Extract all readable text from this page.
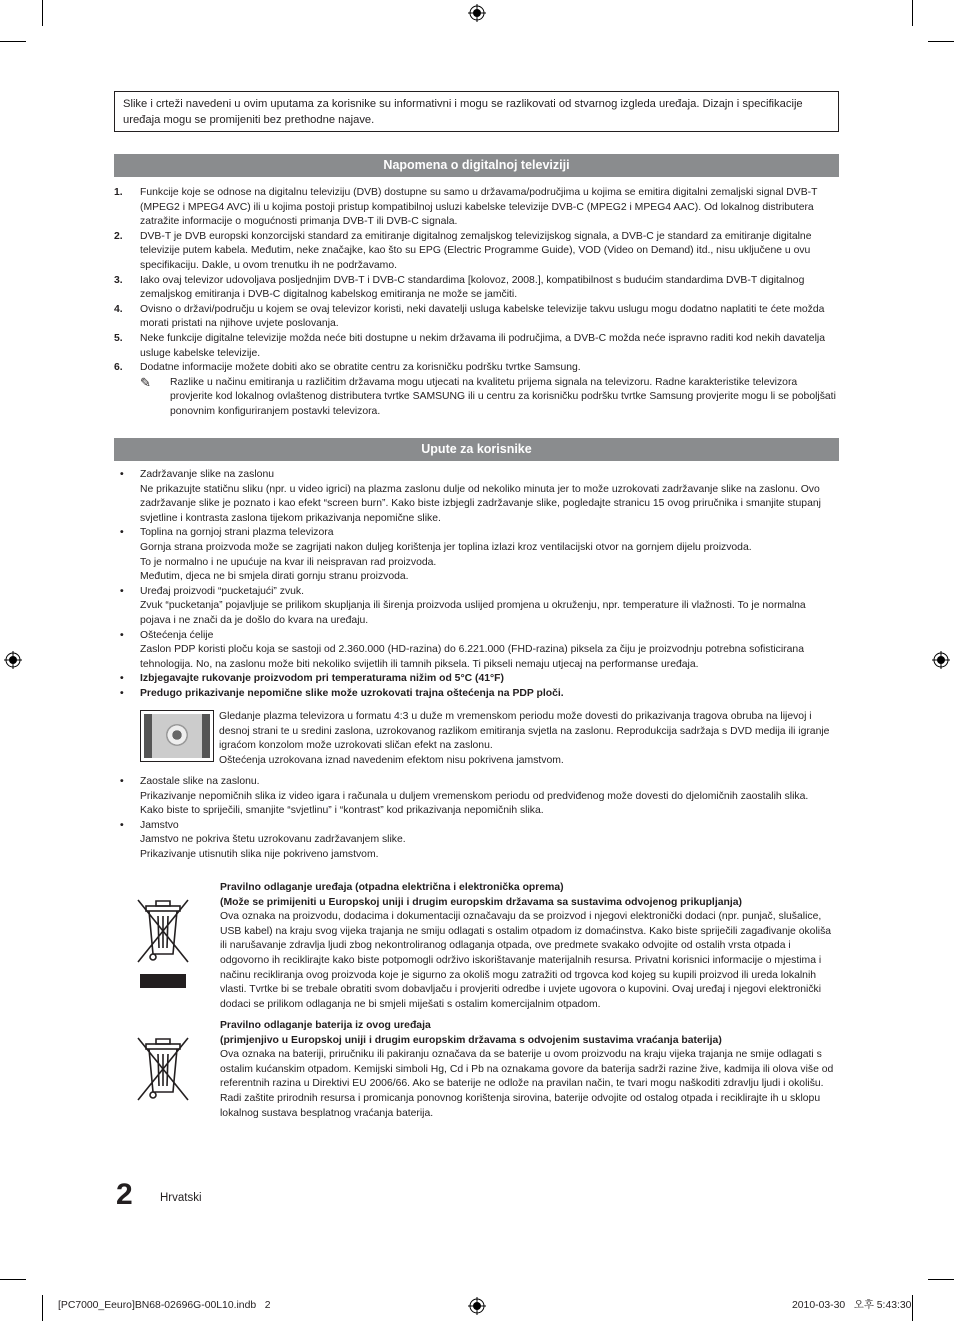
Slike i crteži navedeni u ovim uputama za korisnike su informativni i mogu se razlikovati od stvarnog izgleda uređaja. Dizajn i specifikacije uređaja mogu se promijeniti bez prethodne najave.
Napomena o digitalnoj televiziji
1. Funkcije koje se odnose na digitalnu televiziju (DVB) dostupne su samo u državama/područjima u kojima se emitira digitalni zemaljski signal DVB-T (MPEG2 i MPEG4 AVC) ili u kojima postoji pristup kompatibilnoj usluzi kabelske televizije DVB-C (MPEG2 i MPEG4 AAC). Od lokalnog distributera zatražite informacije o mogućnosti primanja DVB-T ili DVB-C signala.
2. DVB-T je DVB europski konzorcijski standard za emitiranje digitalnog zemaljskog televizijskog signala, a DVB-C je standard za emitiranje digitalne televizije putem kabela. Međutim, neke značajke, kao što su EPG (Electric Programme Guide), VOD (Video on Demand) itd., nisu uključene u ovu specifikaciju. Dakle, u ovom trenutku ih ne podržavamo.
3. Iako ovaj televizor udovoljava posljednjim DVB-T i DVB-C standardima [kolovoz, 2008.], kompatibilnost s budućim standardima DVB-T digitalnog zemaljskog emitiranja i DVB-C digitalnog kabelskog emitiranja ne može se jamčiti.
4. Ovisno o državi/području u kojem se ovaj televizor koristi, neki davatelji usluga kabelske televizije takvu uslugu mogu dodatno naplatiti te ćete možda morati pristati na njihove uvjete poslovanja.
5. Neke funkcije digitalne televizije možda neće biti dostupne u nekim državama ili područjima, a DVB-C možda neće ispravno raditi kod nekih davatelja usluge kabelske televizije.
6. Dodatne informacije možete dobiti ako se obratite centru za korisničku podršku tvrtke Samsung.
✎ Razlike u načinu emitiranja u različitim državama mogu utjecati na kvalitetu prijema signala na televizoru. Radne karakteristike televizora provjerite kod lokalnog ovlaštenog distributera tvrtke SAMSUNG ili u centru za korisničku podršku tvrtke Samsung provjerite mogu li se poboljšati ponovnim konfiguriranjem postavki televizora.
Upute za korisnike
• Zadržavanje slike na zaslonu
Ne prikazujte statičnu sliku (npr. u video igrici) na plazma zaslonu dulje od nekoliko minuta jer to može uzrokovati zadržavanje slike na zaslonu. Ovo zadržavanje slike je poznato i kao efekt “screen burn”. Kako biste izbjegli zadržavanje slike, pogledajte stranicu 15 ovog priručnika i smanjite stupanj svjetline i kontrasta zaslona tijekom prikazivanja nepomične slike.
• Toplina na gornjoj strani plazma televizora
Gornja strana proizvoda može se zagrijati nakon duljeg korištenja jer toplina izlazi kroz ventilacijski otvor na gornjem dijelu proizvoda.
To je normalno i ne upućuje na kvar ili neispravan rad proizvoda.
Međutim, djeca ne bi smjela dirati gornju stranu proizvoda.
• Uređaj proizvodi “pucketajući” zvuk.
Zvuk “pucketanja” pojavljuje se prilikom skupljanja ili širenja proizvoda uslijed promjena u okruženju, npr. temperature ili vlažnosti. To je normalna pojava i ne znači da je došlo do kvara na uređaju.
• Oštećenja ćelije
Zaslon PDP koristi ploču koja se sastoji od 2.360.000 (HD-razina) do 6.221.000 (FHD-razina) piksela za čiju je proizvodnju potrebna sofisticirana tehnologija. No, na zaslonu može biti nekoliko svijetlih ili tamnih piksela. Ti pikseli nemaju utjecaj na performanse uređaja.
• Izbjegavajte rukovanje proizvodom pri temperaturama nižim od 5°C (41°F)
• Predugo prikazivanje nepomične slike može uzrokovati trajna oštećenja na PDP ploči.
Gledanje plazma televizora u formatu 4:3 u duže m vremenskom periodu može dovesti do prikazivanja tragova obruba na lijevoj i desnoj strani te u sredini zaslona, uzrokovanog razlikom emitiranja svjetla na zaslonu. Reprodukcija sadržaja s DVD medija ili igranje igraćom konzolom može uzrokovati sličan efekt na zaslonu.
Oštećenja uzrokovana iznad navedenim efektom nisu pokrivena jamstvom.
• Zaostale slike na zaslonu.
Prikazivanje nepomičnih slika iz video igara i računala u duljem vremenskom periodu od predviđenog može dovesti do djelomičnih zaostalih slika.
Kako biste to spriječili, smanjite “svjetlinu” i “kontrast” kod prikazivanja nepomičnih slika.
• Jamstvo
Jamstvo ne pokriva štetu uzrokovanu zadržavanjem slike.
Prikazivanje utisnutih slika nije pokriveno jamstvom.
Pravilno odlaganje uređaja (otpadna električna i elektronička oprema)
(Može se primijeniti u Europskoj uniji i drugim europskim državama sa sustavima odvojenog prikupljanja)
Ova oznaka na proizvodu, dodacima i dokumentaciji označavaju da se proizvod i njegovi elektronički dodaci (npr. punjač, slušalice, USB kabel) na kraju svog vijeka trajanja ne smiju odlagati s ostalim otpadom iz domaćinstva. Kako biste spriječili zagađivanje okoliša ili narušavanje zdravlja ljudi zbog nekontroliranog odlaganja otpada, ove predmete svakako odvojite od ostalih vrsta otpada i odgovorno ih reciklirajte kako biste potpomogli održivo iskorištavanje materijalnih resursa. Privatni korisnici informacije o mjestima i načinu recikliranja ovog proizvoda koje je sigurno za okoliš mogu zatražiti od trgovca kod kojeg su kupili proizvod ili ureda lokalnih vlasti. Tvrtke bi se trebale obratiti svom dobavljaču i provjeriti odredbe i uvjete ugovora o kupovini. Ovaj uređaj i njegovi elektronički dodaci se prilikom odlaganja ne bi smjeli miješati s ostalim komercijalnim otpadom.
Pravilno odlaganje baterija iz ovog uređaja
(primjenjivo u Europskoj uniji i drugim europskim državama s odvojenim sustavima vraćanja baterija)
Ova oznaka na bateriji, priručniku ili pakiranju označava da se baterije u ovom proizvodu na kraju vijeka trajanja ne smije odlagati s ostalim kućanskim otpadom. Kemijski simboli Hg, Cd i Pb na oznakama govore da baterija sadrži razine žive, kadmija ili olova više od referentnih razina u Direktivi EU 2006/66. Ako se baterije ne odlože na pravilan način, te tvari mogu naškoditi zdravlju ljudi i okolišu. Radi zaštite prirodnih resursa i promicanja ponovnog korištenja sirovina, baterije odvojite od ostalog otpada i reciklirajte ih u sklopu lokalnog sustava besplatnog vraćanja baterija.
2 Hrvatski
[PC7000_Eeuro]BN68-02696G-00L10.indb   2	2010-03-30   오후 5:43:30
